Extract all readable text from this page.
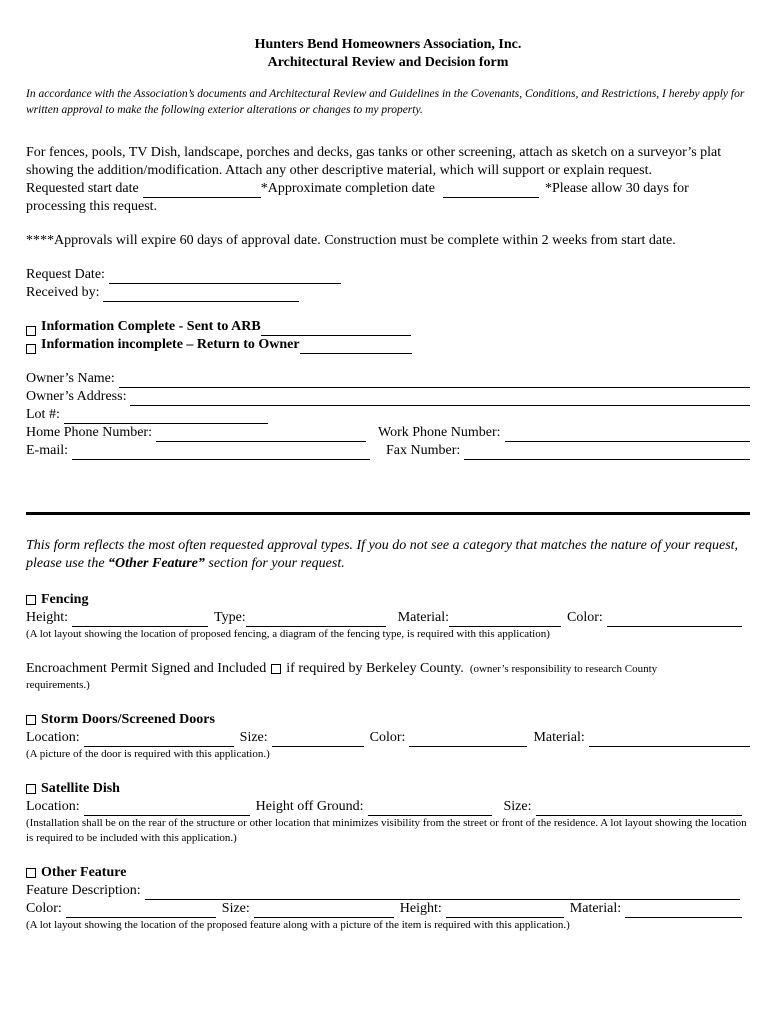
Hunters Bend Homeowners Association, Inc.
Architectural Review and Decision form
In accordance with the Association’s documents and Architectural Review and Guidelines in the Covenants, Conditions, and Restrictions, I hereby apply for written approval to make the following exterior alterations or changes to my property.
For fences, pools, TV Dish, landscape, porches and decks, gas tanks or other screening, attach as sketch on a surveyor’s plat showing the addition/modification. Attach any other descriptive material, which will support or explain request.
Requested start date	*Approximate completion date	*Please allow 30 days for
processing this request.
****Approvals will expire 60 days of approval date. Construction must be complete within 2 weeks from start date.
Request Date:
Received by:
Information Complete - Sent to ARB
Information incomplete – Return to Owner
Owner’s Name:
Owner’s Address:
Lot #:
Home Phone Number:	Work Phone Number:
E-mail:	Fax Number:
This form reflects the most often requested approval types. If you do not see a category that matches the nature of your request, please use the “Other Feature” section for your request.
Fencing
Height:	Type:	Material:	Color:
(A lot layout showing the location of proposed fencing, a diagram of the fencing type, is required with this application)
Encroachment Permit Signed and Included if required by Berkeley County. (owner’s responsibility to research County
requirements.)
Storm Doors/Screened Doors
Location:	Size:	Color:	Material:
(A picture of the door is required with this application.)
Satellite Dish
Location:	Height off Ground:	Size:
(Installation shall be on the rear of the structure or other location that minimizes visibility from the street or front of the residence. A lot layout showing the location is required to be included with this application.)
Other Feature
Feature Description:
Color:	Size:	Height:	Material:
(A lot layout showing the location of the proposed feature along with a picture of the item is required with this application.)
